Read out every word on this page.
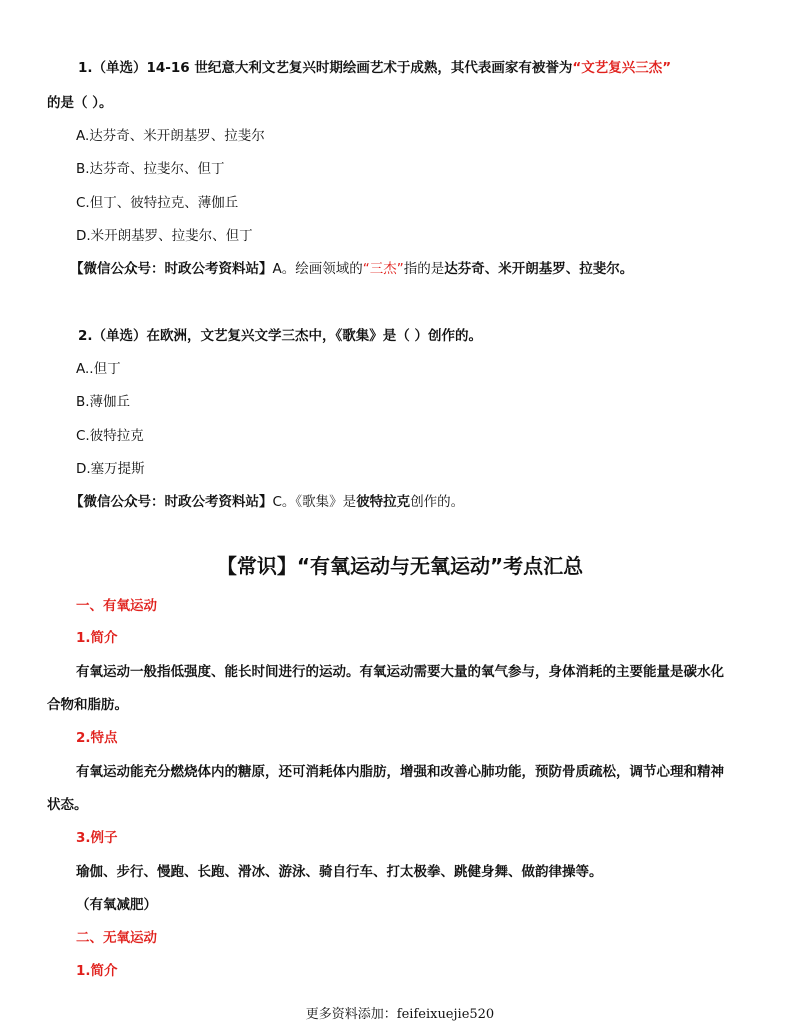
1.（单选）14-16 世纪意大利文艺复兴时期绘画艺术于成熟，其代表画家有被誉为“文艺复兴三杰”
的是（ ）。
A.达芬奇、米开朗基罗、拉斐尔
B.达芬奇、拉斐尔、但丁
C.但丁、彼特拉克、薄伽丘
D.米开朗基罗、拉斐尔、但丁
【微信公众号：时政公考资料站】A。绘画领域的“三杰”指的是达芬奇、米开朗基罗、拉斐尔。
2.（单选）在欧洲，文艺复兴文学三杰中，《歌集》是（ ）创作的。
A..但丁
B.薄伽丘
C.彼特拉克
D.塞万提斯
【微信公众号：时政公考资料站】C。《歌集》是彼特拉克创作的。
【常识】“有氧运动与无氧运动”考点汇总
一、有氧运动
1.简介
有氧运动一般指低强度、能长时间进行的运动。有氧运动需要大量的氧气参与，身体消耗的主要能量是碳水化
合物和脂肪。
2.特点
有氧运动能充分燃烧体内的糖原，还可消耗体内脂肪，增强和改善心肺功能，预防骨质疏松，调节心理和精神
状态。
3.例子
瑜伽、步行、慢跑、长跑、滑冰、游泳、骑自行车、打太极拳、跳健身舞、做韵律操等。
（有氧减肥）
二、无氧运动
1.简介
更多资料添加：feifeixuejie520
